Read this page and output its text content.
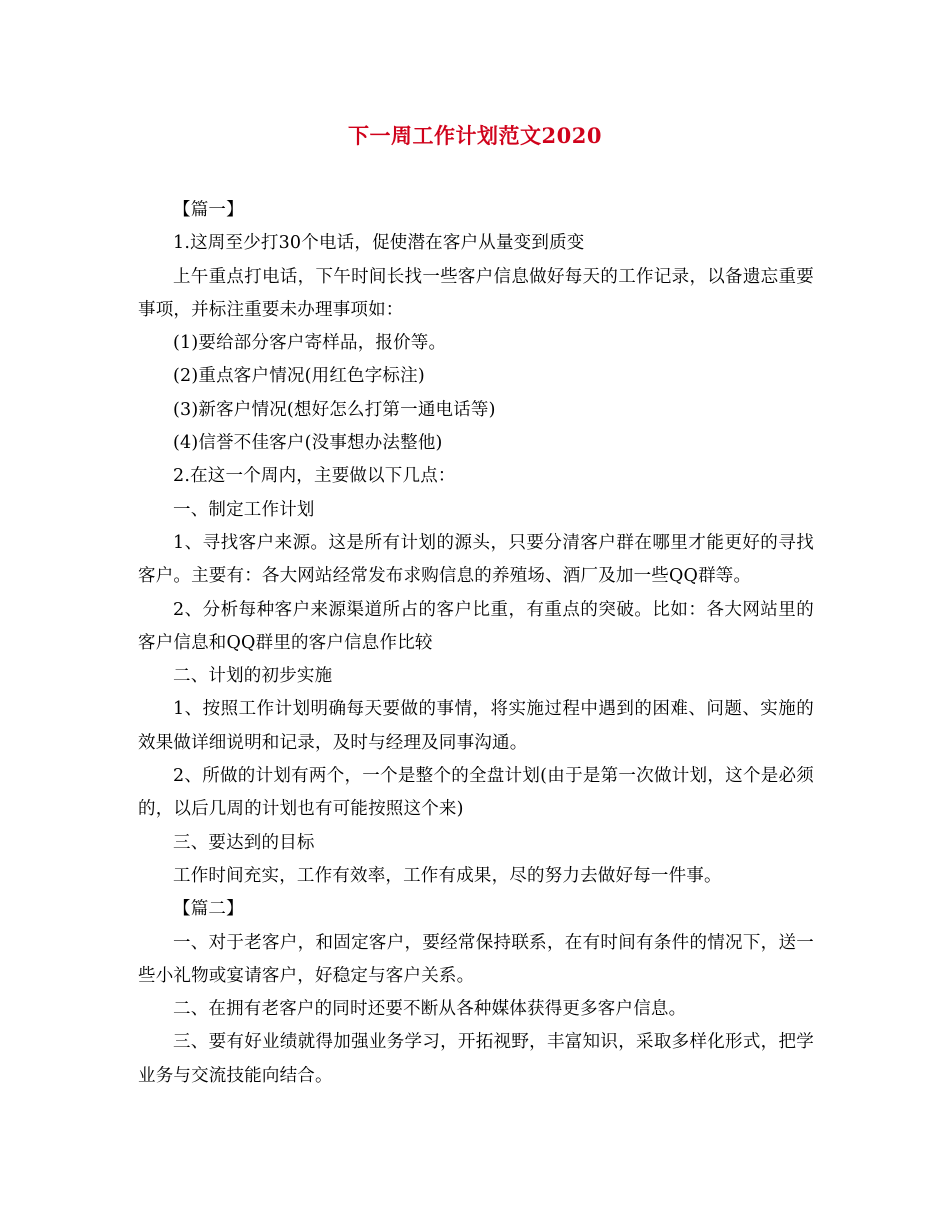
下一周工作计划范文2020

【篇一】

1.这周至少打30个电话，促使潜在客户从量变到质变

上午重点打电话，下午时间长找一些客户信息做好每天的工作记录，以备遗忘重要事项，并标注重要未办理事项如：

(1)要给部分客户寄样品，报价等。

(2)重点客户情况(用红色字标注)

(3)新客户情况(想好怎么打第一通电话等)

(4)信誉不佳客户(没事想办法整他)

2.在这一个周内，主要做以下几点：

一、制定工作计划

1、寻找客户来源。这是所有计划的源头，只要分清客户群在哪里才能更好的寻找客户。主要有：各大网站经常发布求购信息的养殖场、酒厂及加一些QQ群等。

2、分析每种客户来源渠道所占的客户比重，有重点的突破。比如：各大网站里的客户信息和QQ群里的客户信息作比较

二、计划的初步实施

1、按照工作计划明确每天要做的事情，将实施过程中遇到的困难、问题、实施的效果做详细说明和记录，及时与经理及同事沟通。

2、所做的计划有两个，一个是整个的全盘计划(由于是第一次做计划，这个是必须的，以后几周的计划也有可能按照这个来)

三、要达到的目标

工作时间充实，工作有效率，工作有成果，尽的努力去做好每一件事。

【篇二】

一、对于老客户，和固定客户，要经常保持联系，在有时间有条件的情况下，送一些小礼物或宴请客户，好稳定与客户关系。

二、在拥有老客户的同时还要不断从各种媒体获得更多客户信息。

三、要有好业绩就得加强业务学习，开拓视野，丰富知识，采取多样化形式，把学业务与交流技能向结合。
